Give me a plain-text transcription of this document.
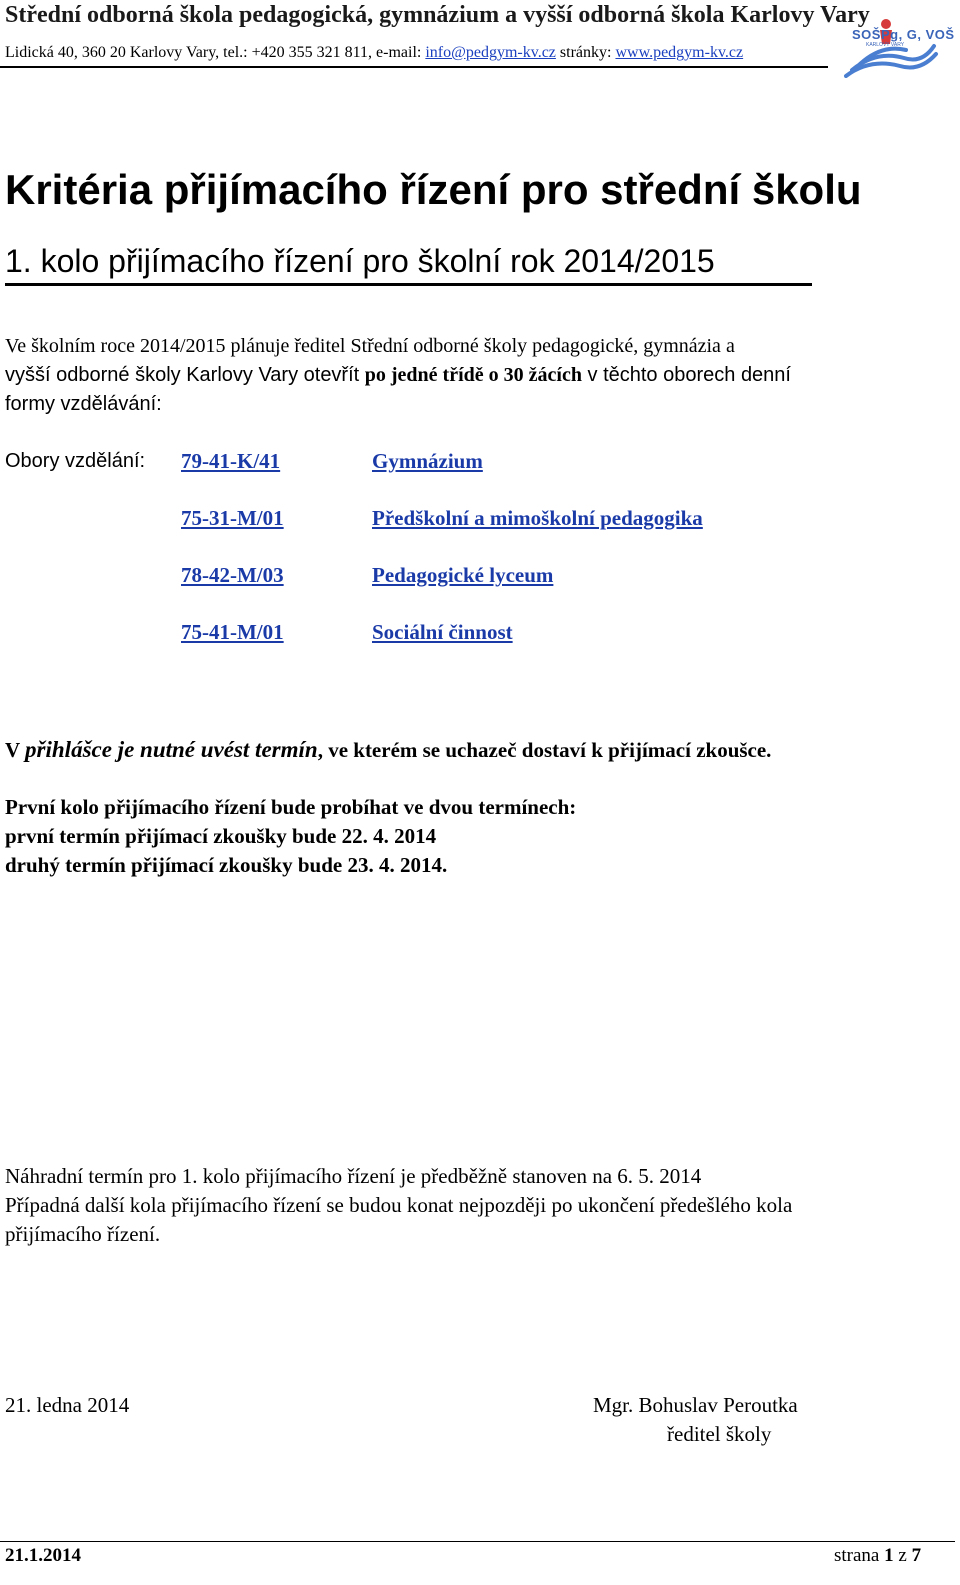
Střední odborná škola pedagogická, gymnázium a vyšší odborná škola Karlovy Vary
Lidická 40, 360 20 Karlovy Vary, tel.: +420 355 321 811, e-mail: info@pedgym-kv.cz stránky: www.pedgym-kv.cz
SOŠPg, G, VOŠ
KARLOVY VARY
Kritéria přijímacího řízení pro střední školu
1. kolo přijímacího řízení pro školní rok 2014/2015
Ve školním roce 2014/2015 plánuje ředitel Střední odborné školy pedagogické, gymnázia a
vyšší odborné školy Karlovy Vary otevřít po jedné třídě o 30 žácích v těchto oborech denní
formy vzdělávání:
Obory vzdělání: 79-41-K/41	Gymnázium
75-31-M/01	Předškolní a mimoškolní pedagogika
78-42-M/03	Pedagogické lyceum
75-41-M/01	Sociální činnost
V přihlášce je nutné uvést termín, ve kterém se uchazeč dostaví k přijímací zkoušce.
První kolo přijímacího řízení bude probíhat ve dvou termínech:
první termín přijímací zkoušky bude 22. 4. 2014
druhý termín přijímací zkoušky bude 23. 4. 2014.
Náhradní termín pro 1. kolo přijímacího řízení je předběžně stanoven na 6. 5. 2014
Případná další kola přijímacího řízení se budou konat nejpozději po ukončení předešlého kola
přijímacího řízení.
21. ledna 2014	Mgr. Bohuslav Peroutka
ředitel školy
21.1.2014	strana 1 z 7
